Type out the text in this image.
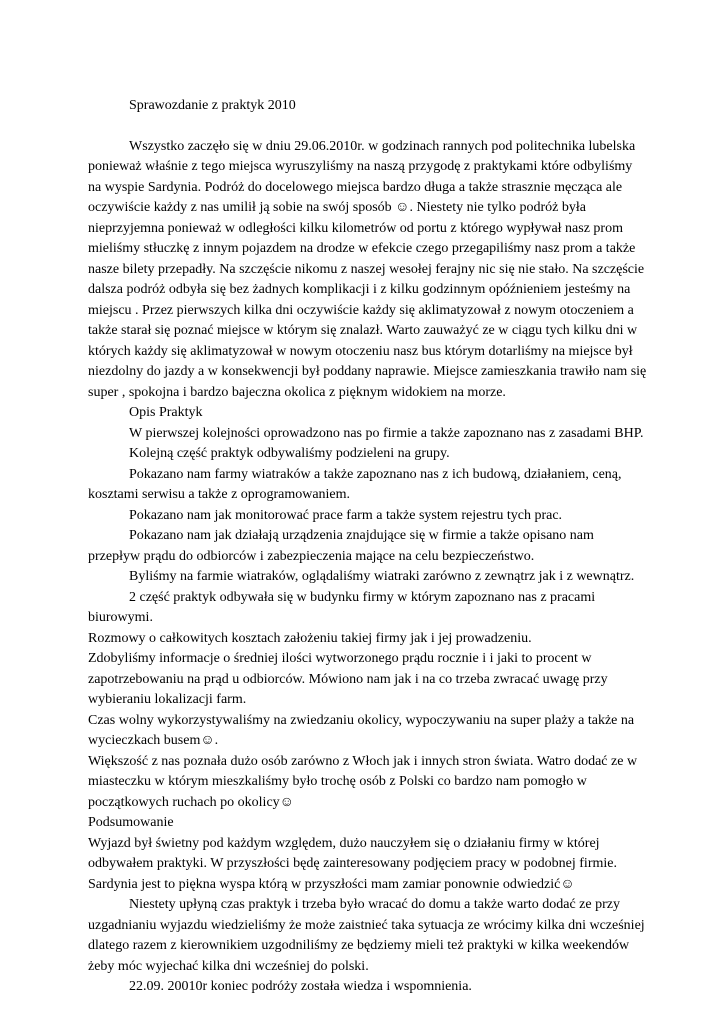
Sprawozdanie z praktyk 2010

Wszystko zaczęło się w dniu 29.06.2010r. w godzinach rannych pod politechnika lubelska ponieważ właśnie z tego miejsca wyruszyliśmy na naszą przygodę z praktykami które odbyliśmy na wyspie Sardynia. Podróż do docelowego miejsca bardzo długa a także strasznie męcząca ale oczywiście każdy z nas umilił ją sobie na swój sposób ☺. Niestety nie tylko podróż była nieprzyjemna ponieważ w odległości kilku kilometrów od portu z którego wypływał nasz prom mieliśmy stłuczkę z innym pojazdem na drodze w efekcie czego przegapiliśmy nasz prom a także nasze bilety przepadły. Na szczęście nikomu z naszej wesołej ferajny nic się nie stało. Na szczęście dalsza podróż odbyła się bez żadnych komplikacji i z kilku godzinnym opóźnieniem jesteśmy na miejscu . Przez pierwszych kilka dni oczywiście każdy się aklimatyzował z nowym otoczeniem a także starał się poznać miejsce w którym się znalazł. Warto zauważyć ze w ciągu tych kilku dni w których każdy się aklimatyzował w nowym otoczeniu nasz bus którym dotarliśmy na miejsce był niezdolny do jazdy a w konsekwencji był poddany naprawie. Miejsce zamieszkania trawiło nam się super , spokojna i bardzo bajeczna okolica z pięknym widokiem na morze.

Opis Praktyk

W pierwszej kolejności oprowadzono nas po firmie a także zapoznano nas z zasadami BHP.

Kolejną część praktyk odbywaliśmy podzieleni na grupy.

Pokazano nam farmy wiatraków a także zapoznano nas z ich budową, działaniem, ceną, kosztami serwisu a także z oprogramowaniem.

Pokazano nam jak monitorować prace farm a także system rejestru tych prac.

Pokazano nam jak działają urządzenia znajdujące się w firmie a także opisano nam przepływ prądu do odbiorców i zabezpieczenia mające na celu bezpieczeństwo.

Byliśmy na farmie wiatraków, oglądaliśmy wiatraki zarówno z zewnątrz jak i z wewnątrz.

2 część praktyk odbywała się w budynku firmy w którym zapoznano nas z pracami biurowymi.

Rozmowy o całkowitych kosztach założeniu takiej firmy jak i jej prowadzeniu.

Zdobyliśmy informacje o średniej ilości wytworzonego prądu rocznie i i jaki to procent w zapotrzebowaniu na prąd u odbiorców. Mówiono nam jak i na co trzeba zwracać uwagę przy wybieraniu lokalizacji farm.

Czas wolny wykorzystywaliśmy na zwiedzaniu okolicy, wypoczywaniu na super plaży a także na wycieczkach busem☺.

Większość z nas poznała dużo osób zarówno z Włoch jak i innych stron świata. Watro dodać ze w miasteczku w którym mieszkaliśmy było trochę osób z Polski co bardzo nam pomogło w początkowych ruchach po okolicy☺

Podsumowanie

Wyjazd był świetny pod każdym względem, dużo nauczyłem się o działaniu firmy w której odbywałem praktyki. W przyszłości będę zainteresowany podjęciem pracy w podobnej firmie. Sardynia jest to piękna wyspa którą w przyszłości mam zamiar ponownie odwiedzić☺

Niestety upłyną czas praktyk i trzeba było wracać do domu a także warto dodać ze przy uzgadnianiu wyjazdu wiedzieliśmy że może zaistnieć taka sytuacja ze wrócimy kilka dni wcześniej dlatego razem z kierownikiem uzgodniliśmy ze będziemy mieli też praktyki w kilka weekendów żeby móc wyjechać kilka dni wcześniej do polski.

22.09. 20010r koniec podróży została wiedza i wspomnienia.
